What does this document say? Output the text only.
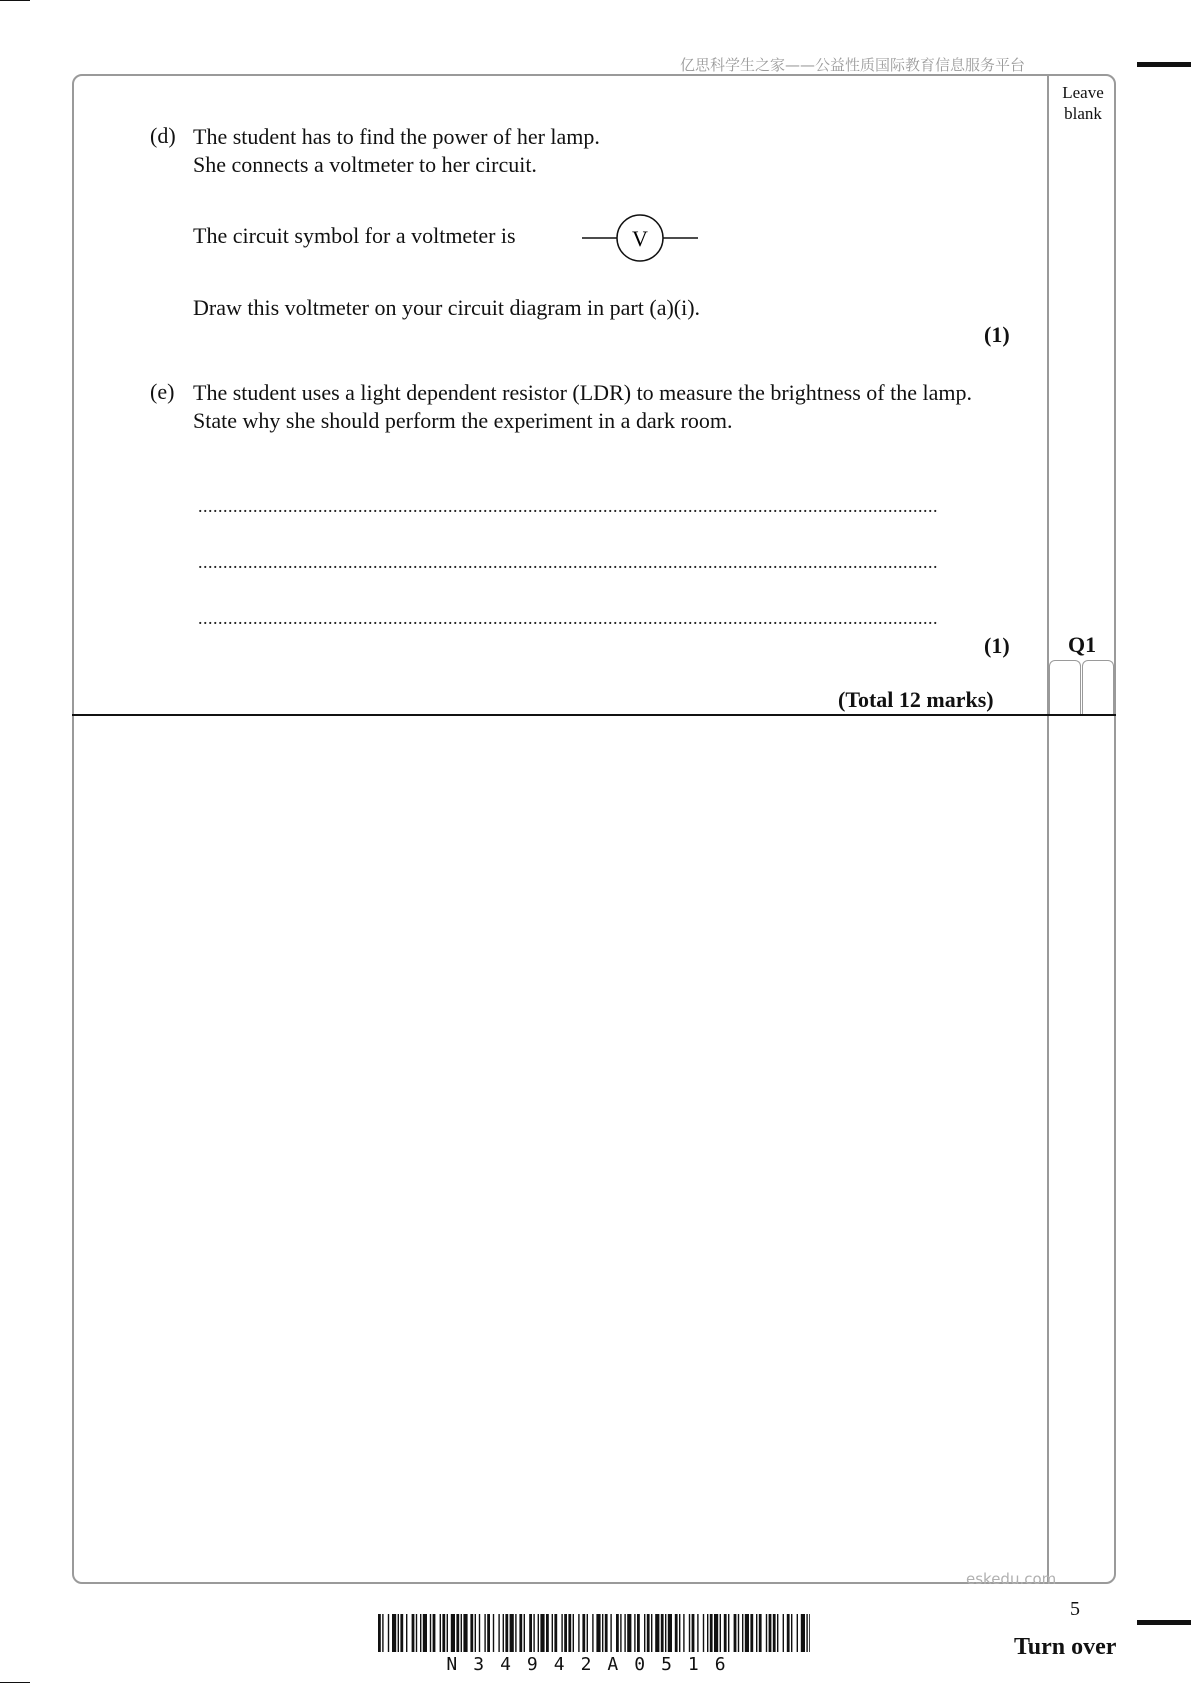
亿思科学生之家——公益性质国际教育信息服务平台
Leave
blank
(d) The student has to find the power of her lamp.
She connects a voltmeter to her circuit.
The circuit symbol for a voltmeter is	V
Draw this voltmeter on your circuit diagram in part (a)(i).
(1)
(e) The student uses a light dependent resistor (LDR) to measure the brightness of the lamp.
State why she should perform the experiment in a dark room.
....................................................................................................................................................
....................................................................................................................................................
....................................................................................................................................................
(1)	Q1
(Total 12 marks)
eskedu.com
5
Turn over
N34942A0516
